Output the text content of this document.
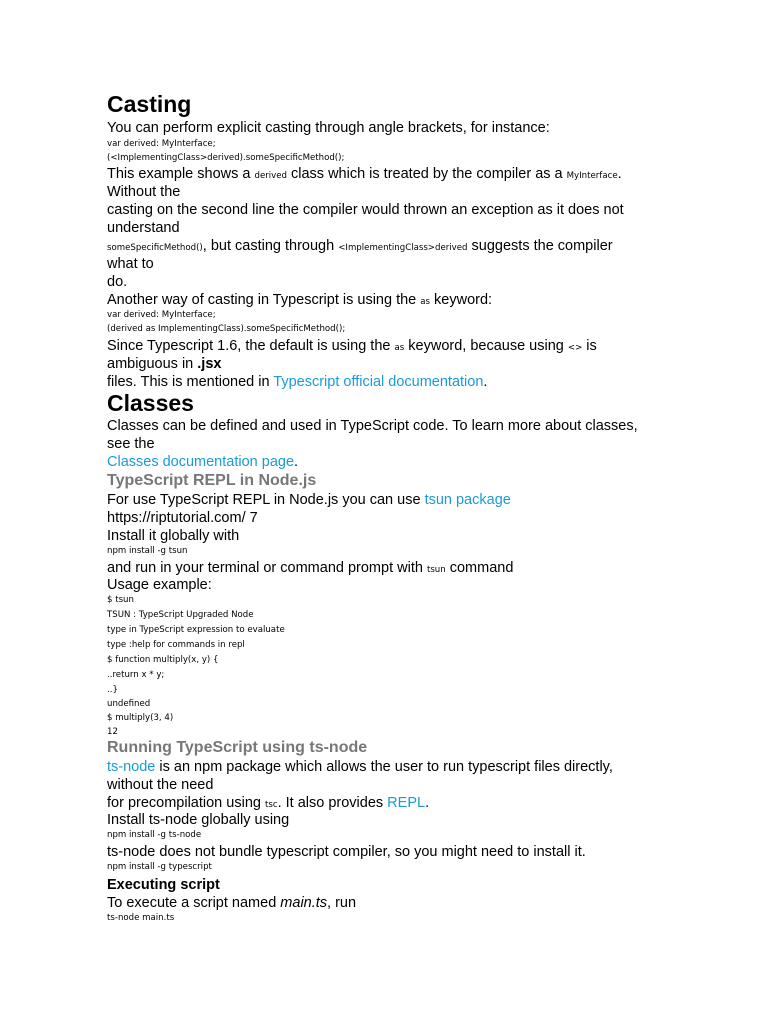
Casting
You can perform explicit casting through angle brackets, for instance:
var derived: MyInterface;
(<ImplementingClass>derived).someSpecificMethod();
This example shows a derived class which is treated by the compiler as a MyInterface.
Without the
casting on the second line the compiler would thrown an exception as it does not
understand
someSpecificMethod(), but casting through <ImplementingClass>derived suggests the compiler
what to
do.
Another way of casting in Typescript is using the as keyword:
var derived: MyInterface;
(derived as ImplementingClass).someSpecificMethod();
Since Typescript 1.6, the default is using the as keyword, because using <> is
ambiguous in .jsx
files. This is mentioned in Typescript official documentation.
Classes
Classes can be defined and used in TypeScript code. To learn more about classes,
see the
Classes documentation page.
TypeScript REPL in Node.js
For use TypeScript REPL in Node.js you can use tsun package
https://riptutorial.com/ 7
Install it globally with
npm install -g tsun
and run in your terminal or command prompt with tsun command
Usage example:
$ tsun
TSUN : TypeScript Upgraded Node
type in TypeScript expression to evaluate
type :help for commands in repl
$ function multiply(x, y) {
..return x * y;
..}
undefined
$ multiply(3, 4)
12
Running TypeScript using ts-node
ts-node is an npm package which allows the user to run typescript files directly,
without the need
for precompilation using tsc. It also provides REPL.
Install ts-node globally using
npm install -g ts-node
ts-node does not bundle typescript compiler, so you might need to install it.
npm install -g typescript
Executing script
To execute a script named main.ts, run
ts-node main.ts
